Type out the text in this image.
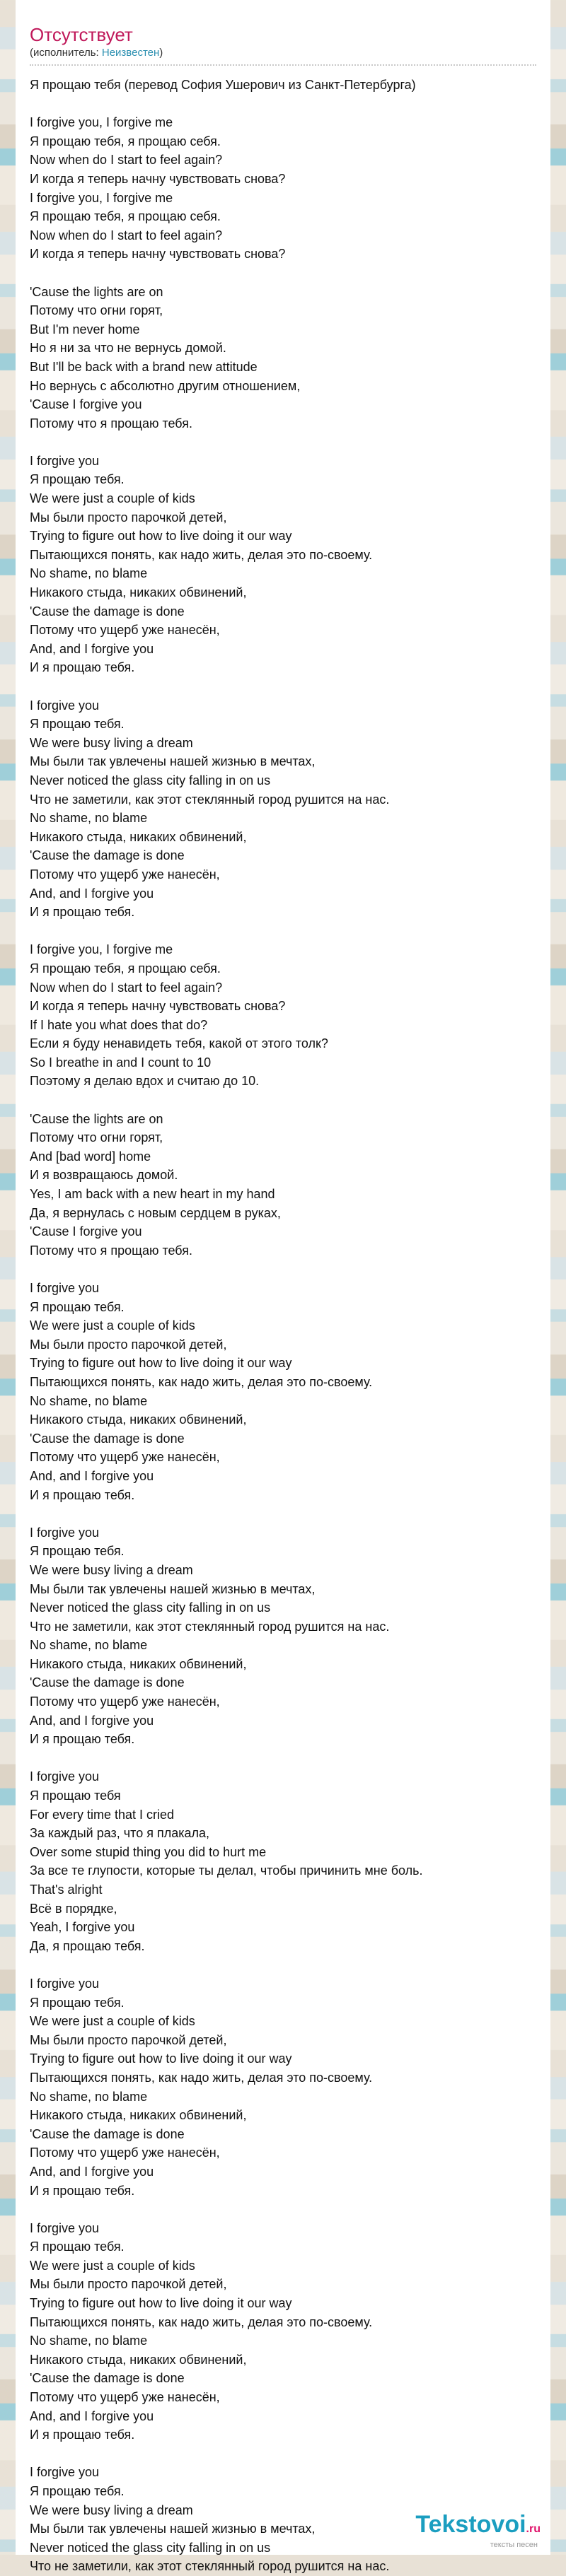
Отсутствует
(исполнитель: Неизвестен)
Я прощаю тебя (перевод София Ушерович из Санкт-Петербурга)
I forgive you, I forgive me
Я прощаю тебя, я прощаю себя.
Now when do I start to feel again?
И когда я теперь начну чувствовать снова?
I forgive you, I forgive me
Я прощаю тебя, я прощаю себя.
Now when do I start to feel again?
И когда я теперь начну чувствовать снова?
'Cause the lights are on
Потому что огни горят,
But I'm never home
Но я ни за что не вернусь домой.
But I'll be back with a brand new attitude
Но вернусь с абсолютно другим отношением,
'Cause I forgive you
Потому что я прощаю тебя.
I forgive you
Я прощаю тебя.
We were just a couple of kids
Мы были просто парочкой детей,
Trying to figure out how to live doing it our way
Пытающихся понять, как надо жить, делая это по-своему.
No shame, no blame
Никакого стыда, никаких обвинений,
'Cause the damage is done
Потому что ущерб уже нанесён,
And, and I forgive you
И я прощаю тебя.
I forgive you
Я прощаю тебя.
We were busy living a dream
Мы были так увлечены нашей жизнью в мечтах,
Never noticed the glass city falling in on us
Что не заметили, как этот стеклянный город рушится на нас.
No shame, no blame
Никакого стыда, никаких обвинений,
'Cause the damage is done
Потому что ущерб уже нанесён,
And, and I forgive you
И я прощаю тебя.
I forgive you, I forgive me
Я прощаю тебя, я прощаю себя.
Now when do I start to feel again?
И когда я теперь начну чувствовать снова?
If I hate you what does that do?
Если я буду ненавидеть тебя, какой от этого толк?
So I breathe in and I count to 10
Поэтому я делаю вдох и считаю до 10.
'Cause the lights are on
Потому что огни горят,
And [bad word] home
И я возвращаюсь домой.
Yes, I am back with a new heart in my hand
Да, я вернулась с новым сердцем в руках,
'Cause I forgive you
Потому что я прощаю тебя.
I forgive you
Я прощаю тебя.
We were just a couple of kids
Мы были просто парочкой детей,
Trying to figure out how to live doing it our way
Пытающихся понять, как надо жить, делая это по-своему.
No shame, no blame
Никакого стыда, никаких обвинений,
'Cause the damage is done
Потому что ущерб уже нанесён,
And, and I forgive you
И я прощаю тебя.
I forgive you
Я прощаю тебя.
We were busy living a dream
Мы были так увлечены нашей жизнью в мечтах,
Never noticed the glass city falling in on us
Что не заметили, как этот стеклянный город рушится на нас.
No shame, no blame
Никакого стыда, никаких обвинений,
'Cause the damage is done
Потому что ущерб уже нанесён,
And, and I forgive you
И я прощаю тебя.
I forgive you
Я прощаю тебя
For every time that I cried
За каждый раз, что я плакала,
Over some stupid thing you did to hurt me
За все те глупости, которые ты делал, чтобы причинить мне боль.
That's alright
Всё в порядке,
Yeah, I forgive you
Да, я прощаю тебя.
I forgive you
Я прощаю тебя.
We were just a couple of kids
Мы были просто парочкой детей,
Trying to figure out how to live doing it our way
Пытающихся понять, как надо жить, делая это по-своему.
No shame, no blame
Никакого стыда, никаких обвинений,
'Cause the damage is done
Потому что ущерб уже нанесён,
And, and I forgive you
И я прощаю тебя.
I forgive you
Я прощаю тебя.
We were just a couple of kids
Мы были просто парочкой детей,
Trying to figure out how to live doing it our way
Пытающихся понять, как надо жить, делая это по-своему.
No shame, no blame
Никакого стыда, никаких обвинений,
'Cause the damage is done
Потому что ущерб уже нанесён,
And, and I forgive you
И я прощаю тебя.
I forgive you
Я прощаю тебя.
We were busy living a dream
Мы были так увлечены нашей жизнью в мечтах,
Never noticed the glass city falling in on us
Что не заметили, как этот стеклянный город рушится на нас.
Tekstovoi.ru
тексты песен
